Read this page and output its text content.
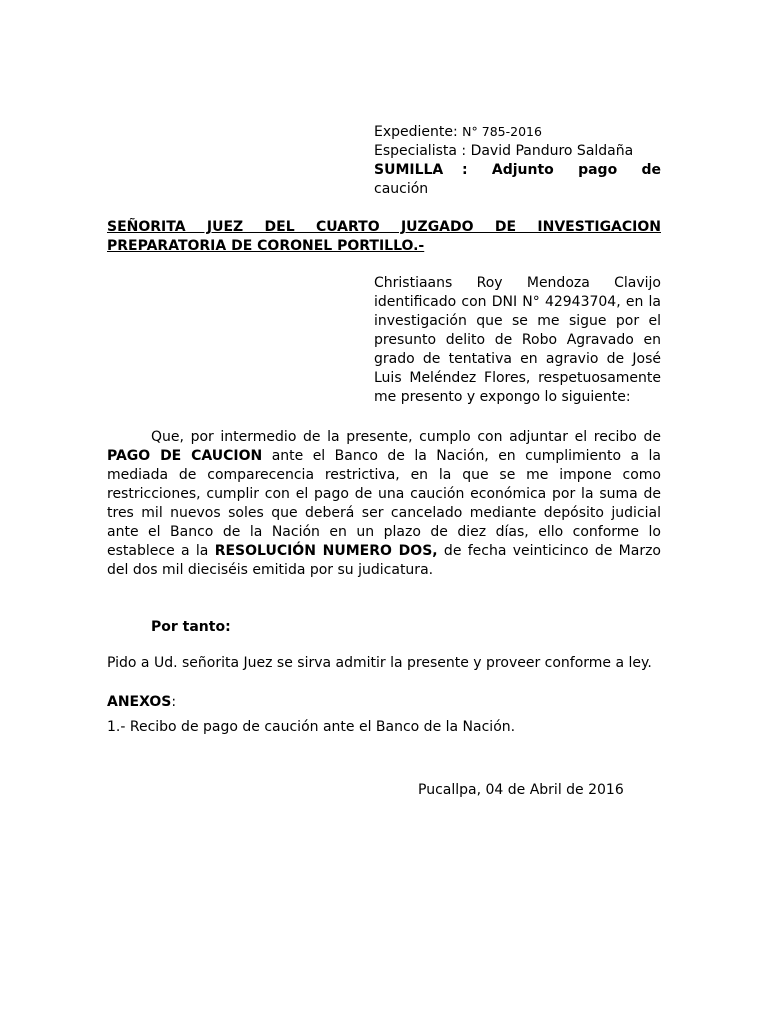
Expediente: N° 785-2016
Especialista : David Panduro Saldaña
SUMILLA	: Adjunto pago de
caución
SEÑORITA JUEZ DEL CUARTO JUZGADO DE INVESTIGACION
PREPARATORIA DE CORONEL PORTILLO.-
Christiaans Roy Mendoza Clavijo identificado con DNI N° 42943704, en la investigación que se me sigue por el presunto delito de Robo Agravado en grado de tentativa en agravio de José Luis Meléndez Flores, respetuosamente me presento y expongo lo siguiente:
Que, por intermedio de la presente, cumplo con adjuntar el recibo de PAGO DE CAUCION ante el Banco de la Nación, en cumplimiento a la mediada de comparecencia restrictiva, en la que se me impone como restricciones, cumplir con el pago de una caución económica por la suma de tres mil nuevos soles que deberá ser cancelado mediante depósito judicial ante el Banco de la Nación en un plazo de diez días, ello conforme lo establece a la RESOLUCIÓN NUMERO DOS, de fecha veinticinco de Marzo del dos mil dieciséis emitida por su judicatura.
Por tanto:
Pido a Ud. señorita Juez se sirva admitir la presente y proveer conforme a ley.
ANEXOS:
1.- Recibo de pago de caución ante el Banco de la Nación.
Pucallpa, 04 de Abril de 2016
